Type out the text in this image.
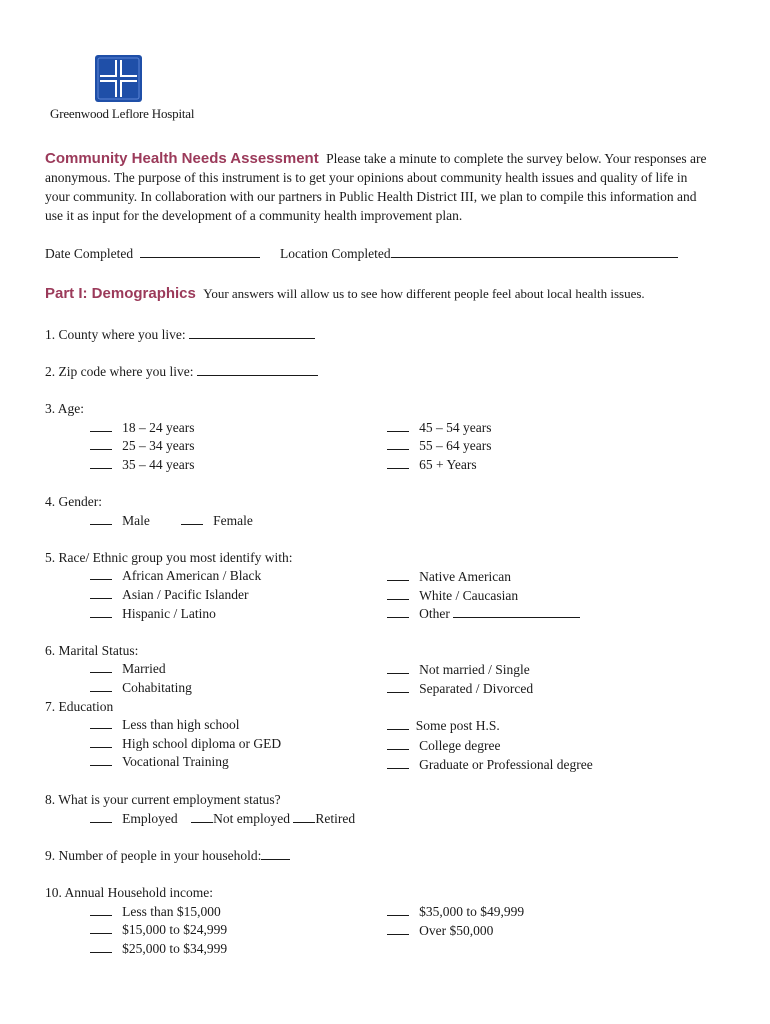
Greenwood Leflore Hospital
Community Health Needs Assessment Please take a minute to complete the survey below. Your responses are anonymous. The purpose of this instrument is to get your opinions about community health issues and quality of life in your community. In collaboration with our partners in Public Health District III, we plan to compile this information and use it as input for the development of a community health improvement plan.
Date Completed	Location Completed
Part I: Demographics Your answers will allow us to see how different people feel about local health issues.
1. County where you live:
2. Zip code where you live:
3. Age:
18 – 24 years
25 – 34 years
35 – 44 years
45 – 54 years
55 – 64 years
65 + Years
4. Gender:
Male	Female
5. Race/ Ethnic group you most identify with:
African American / Black
Asian / Pacific Islander
Hispanic / Latino
Native American
White / Caucasian
Other
6. Marital Status:
Married
Cohabitating
Not married / Single
Separated / Divorced
7. Education
Less than high school
High school diploma or GED
Vocational Training
Some post H.S.
College degree
Graduate or Professional degree
8. What is your current employment status?
Employed	Not employed Retired
9. Number of people in your household:
10. Annual Household income:
Less than $15,000
$15,000 to $24,999
$25,000 to $34,999
$35,000 to $49,999
Over $50,000
